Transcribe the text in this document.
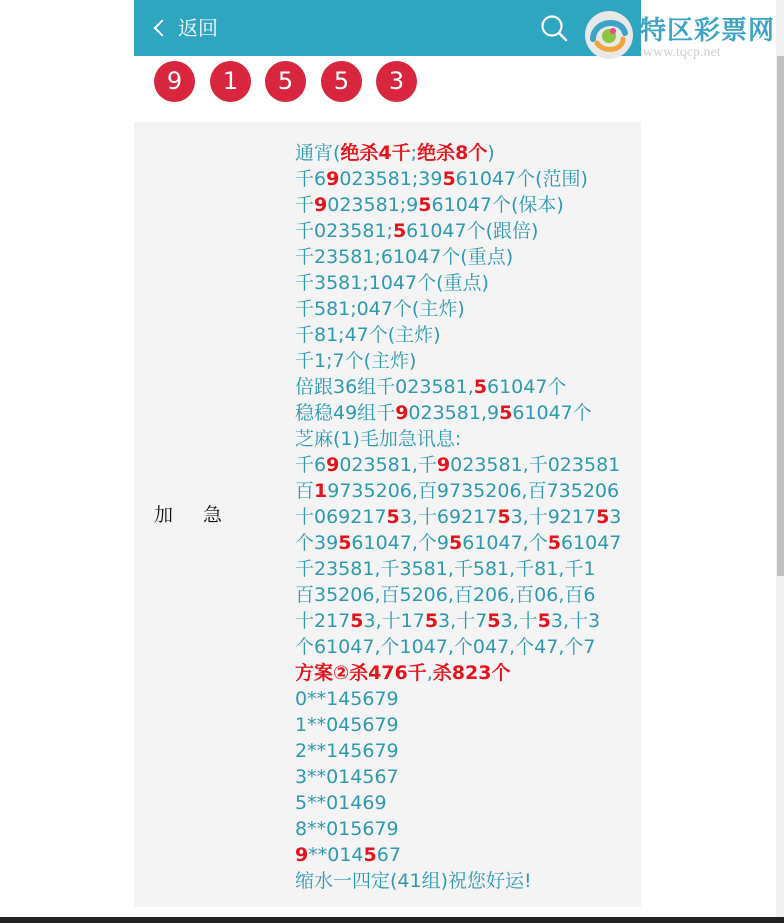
返回	特区彩票网
www.tqcp.net
9	1	5	5	3
加急
通宵(绝杀4千;绝杀8个)
千69023581;39561047个(范围)
千9023581;9561047个(保本)
千023581;561047个(跟倍)
千23581;61047个(重点)
千3581;1047个(重点)
千581;047个(主炸)
千81;47个(主炸)
千1;7个(主炸)
倍跟36组千023581,561047个
稳稳49组千9023581,9561047个
芝麻(1)毛加急讯息:
千69023581,千9023581,千023581
百19735206,百9735206,百735206
十06921753,十6921753,十921753
个39561047,个9561047,个561047
千23581,千3581,千581,千81,千1
百35206,百5206,百206,百06,百6
十21753,十1753,十753,十53,十3
个61047,个1047,个047,个47,个7
方案②杀476千,杀823个
0**145679
1**045679
2**145679
3**014567
5**01469
8**015679
9**014567
缩水一四定(41组)祝您好运!
